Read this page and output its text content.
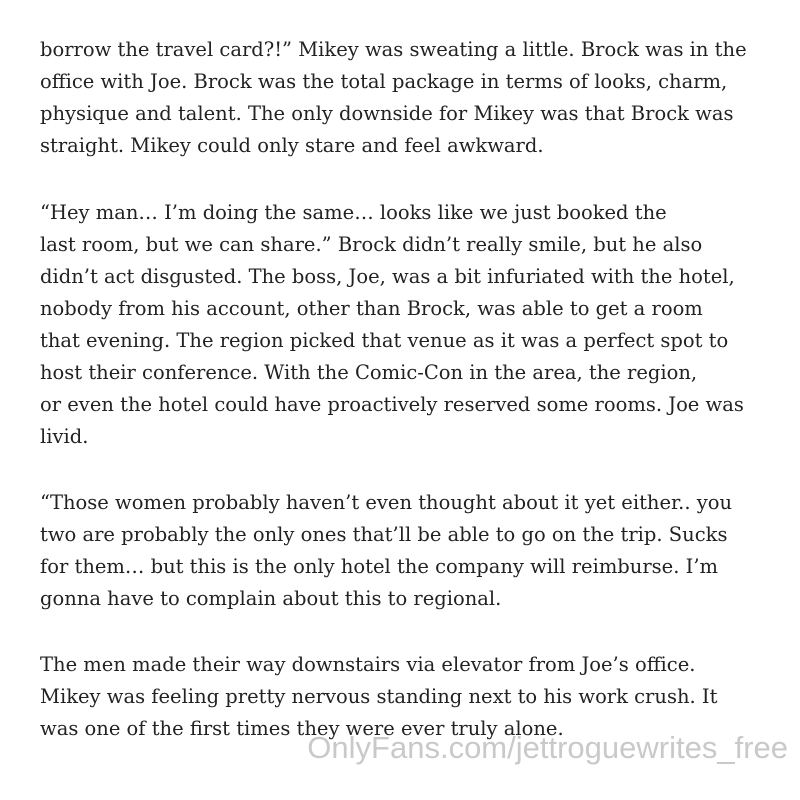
borrow the travel card?!” Mikey was sweating a little. Brock was in the
office with Joe. Brock was the total package in terms of looks, charm,
physique and talent. The only downside for Mikey was that Brock was
straight. Mikey could only stare and feel awkward.
“Hey man… I’m doing the same… looks like we just booked the
last room, but we can share.” Brock didn’t really smile, but he also
didn’t act disgusted. The boss, Joe, was a bit infuriated with the hotel,
nobody from his account, other than Brock, was able to get a room
that evening. The region picked that venue as it was a perfect spot to
host their conference. With the Comic-Con in the area, the region,
or even the hotel could have proactively reserved some rooms. Joe was
livid.
“Those women probably haven’t even thought about it yet either.. you
two are probably the only ones that’ll be able to go on the trip. Sucks
for them… but this is the only hotel the company will reimburse. I’m
gonna have to complain about this to regional.
The men made their way downstairs via elevator from Joe’s office.
Mikey was feeling pretty nervous standing next to his work crush. It
was one of the first times they were ever truly alone.
OnlyFans.com/jettroguewrites_free
